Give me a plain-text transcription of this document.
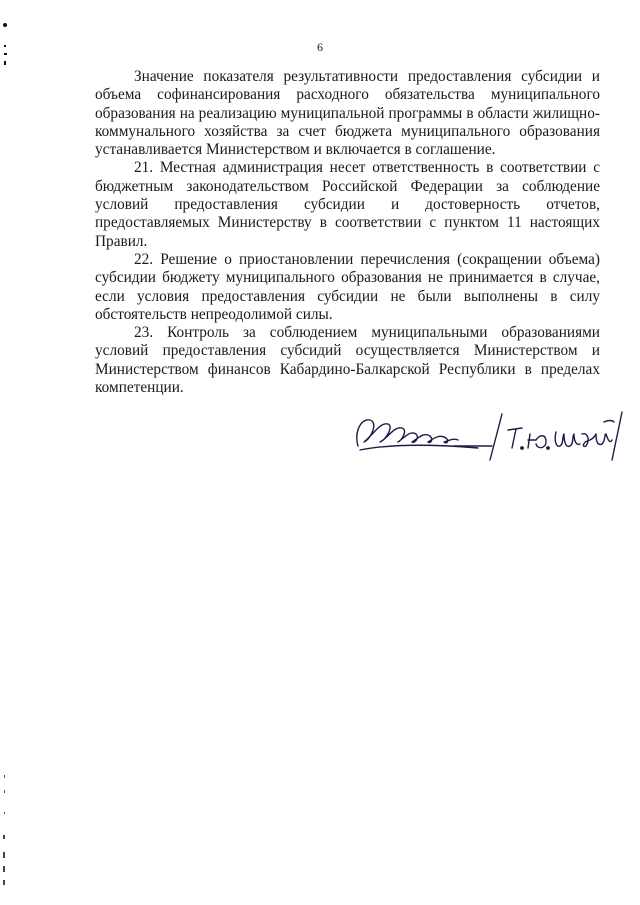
6

Значение показателя результативности предоставления субсидии и объема софинансирования расходного обязательства муниципального образования на реализацию муниципальной программы в области жилищно-коммунального хозяйства за счет бюджета муниципального образования устанавливается Министерством и включается в соглашение.

21. Местная администрация несет ответственность в соответствии с бюджетным законодательством Российской Федерации за соблюдение условий предоставления субсидии и достоверность отчетов, предоставляемых Министерству в соответствии с пунктом 11 настоящих Правил.

22. Решение о приостановлении перечисления (сокращении объема) субсидии бюджету муниципального образования не принимается в случае, если условия предоставления субсидии не были выполнены в силу обстоятельств непреодолимой силы.

23. Контроль за соблюдением муниципальными образованиями условий предоставления субсидий осуществляется Министерством и Министерством финансов Кабардино-Балкарской Республики в пределах компетенции.
